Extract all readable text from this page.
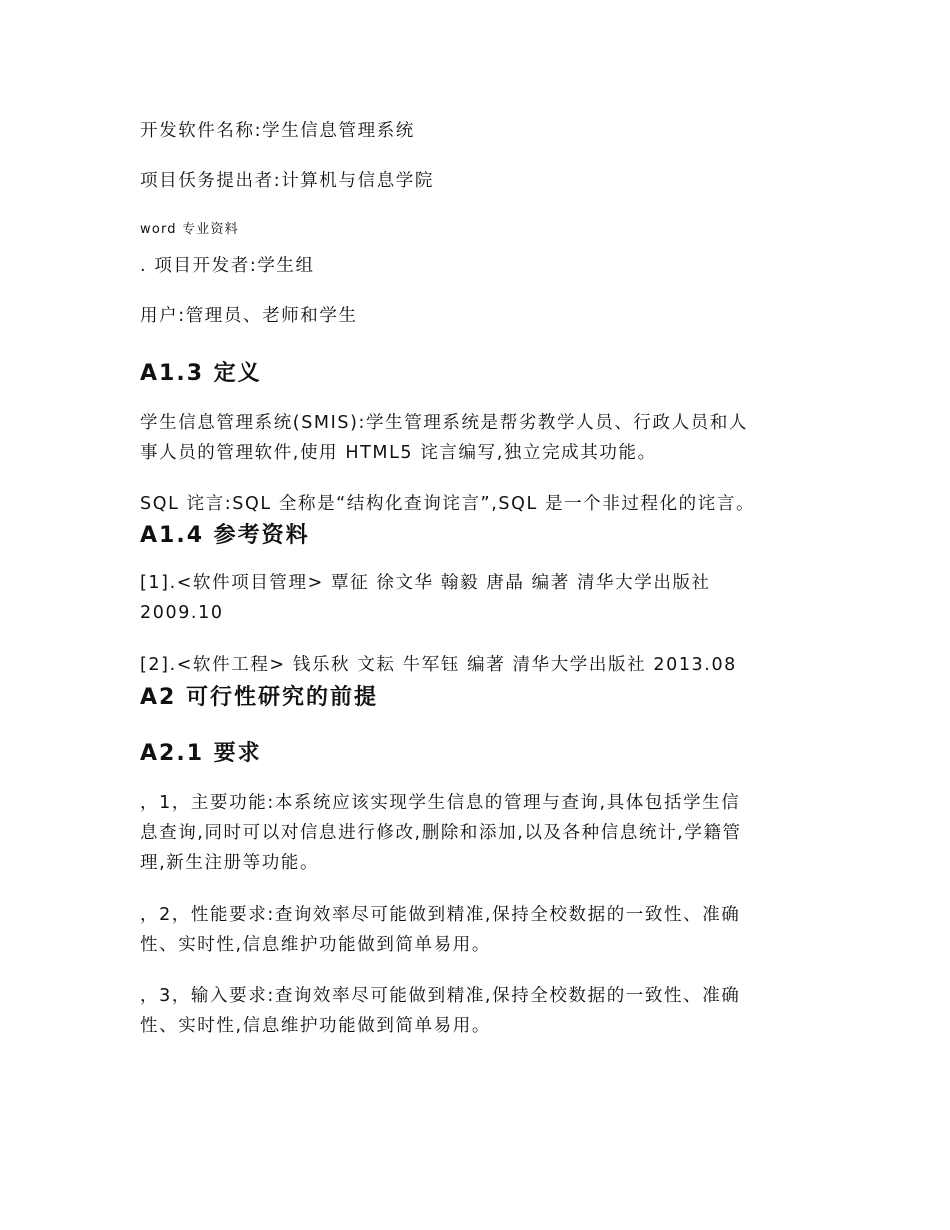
开发软件名称:学生信息管理系统
项目仸务提出者:计算机与信息学院
word 专业资料
. 项目开发者:学生组
用户:管理员、老师和学生
A1.3 定义
学生信息管理系统(SMIS):学生管理系统是帮劣教学人员、行政人员和人
事人员的管理软件,使用 HTML5 诧言编写,独立完成其功能。
SQL 诧言:SQL 全称是“结构化查询诧言”,SQL 是一个非过程化的诧言。
A1.4 参考资料
[1].<软件项目管理> 覃征 徐文华 翰毅 唐晶 编著 清华大学出版社
2009.10
[2].<软件工程> 钱乐秋 文耘 牛军钰 编著 清华大学出版社 2013.08
A2 可行性研究的前提
A2.1 要求
，1，主要功能:本系统应该实现学生信息的管理与查询,具体包括学生信
息查询,同时可以对信息进行修改,删除和添加,以及各种信息统计,学籍管
理,新生注册等功能。
，2，性能要求:查询效率尽可能做到精准,保持全校数据的一致性、准确
性、实时性,信息维护功能做到简单易用。
，3，输入要求:查询效率尽可能做到精准,保持全校数据的一致性、准确
性、实时性,信息维护功能做到简单易用。
